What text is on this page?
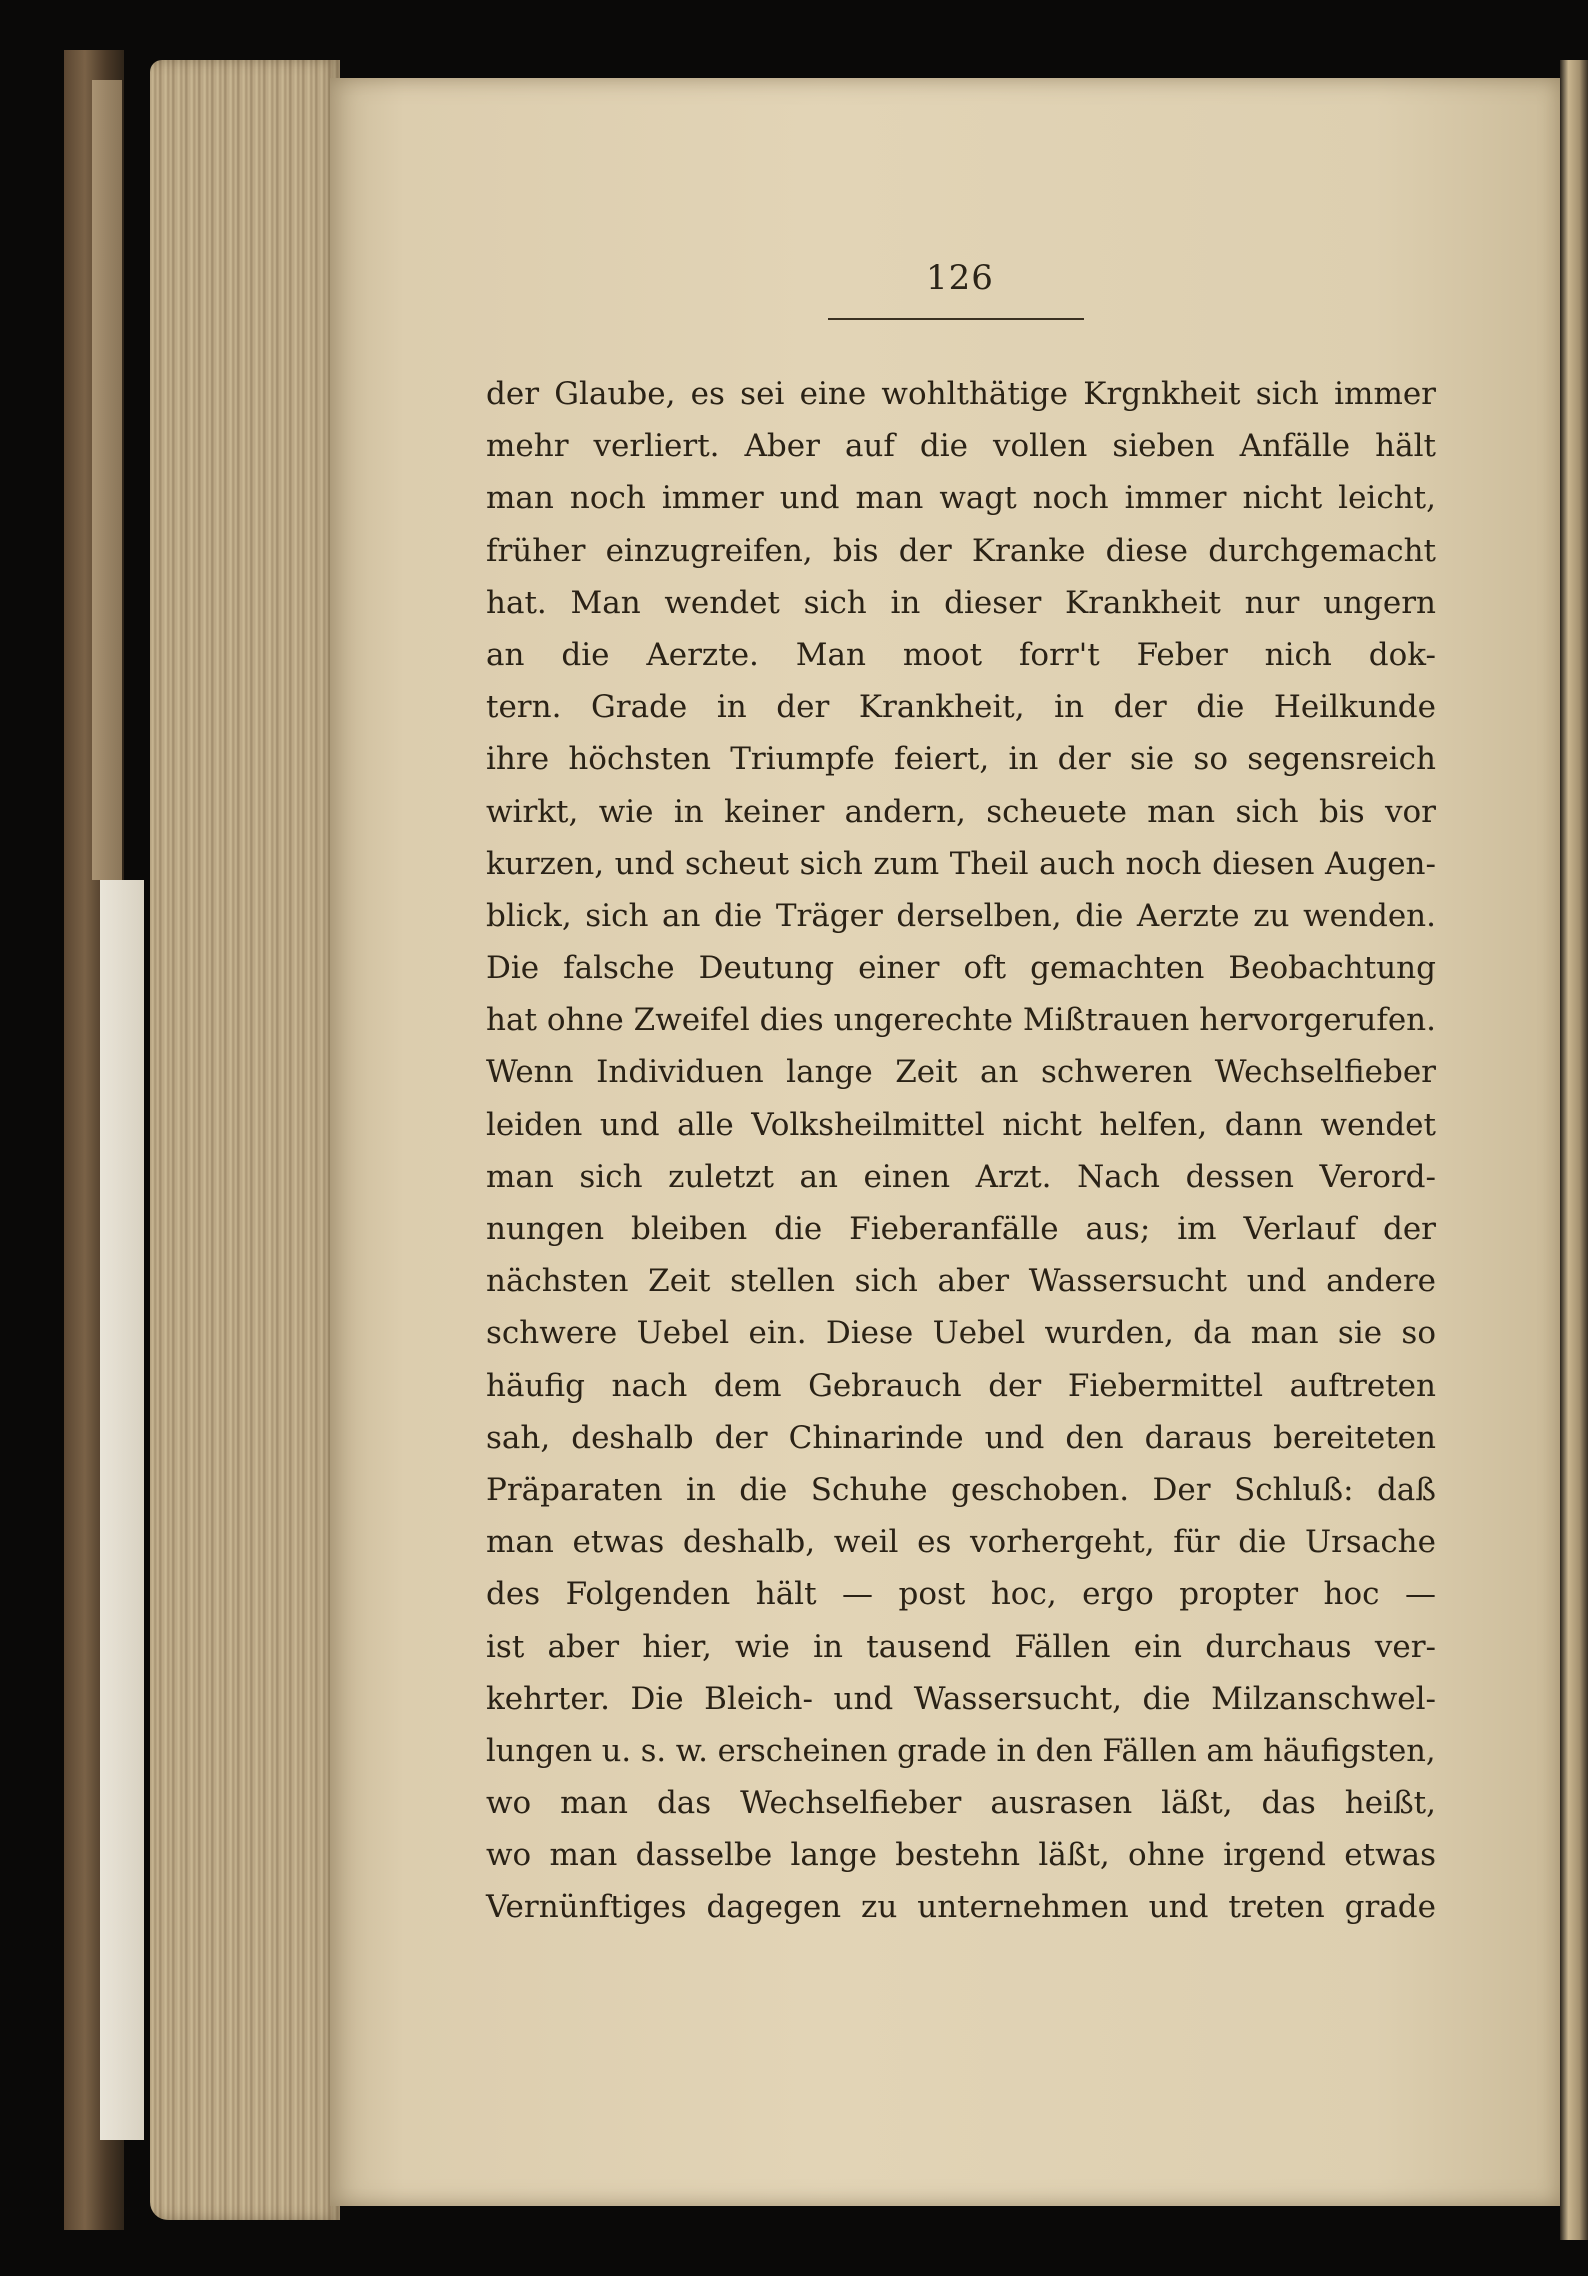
126
der Glaube, es sei eine wohlthätige Krgnkheit sich immer
mehr verliert. Aber auf die vollen sieben Anfälle hält
man noch immer und man wagt noch immer nicht leicht,
früher einzugreifen, bis der Kranke diese durchgemacht
hat. Man wendet sich in dieser Krankheit nur ungern
an die Aerzte. Man moot forr't Feber nich dok-
tern. Grade in der Krankheit, in der die Heilkunde
ihre höchsten Triumpfe feiert, in der sie so segensreich
wirkt, wie in keiner andern, scheuete man sich bis vor
kurzen, und scheut sich zum Theil auch noch diesen Augen-
blick, sich an die Träger derselben, die Aerzte zu wenden.
Die falsche Deutung einer oft gemachten Beobachtung
hat ohne Zweifel dies ungerechte Mißtrauen hervorgerufen.
Wenn Individuen lange Zeit an schweren Wechselfieber
leiden und alle Volksheilmittel nicht helfen, dann wendet
man sich zuletzt an einen Arzt. Nach dessen Verord-
nungen bleiben die Fieberanfälle aus; im Verlauf der
nächsten Zeit stellen sich aber Wassersucht und andere
schwere Uebel ein. Diese Uebel wurden, da man sie so
häufig nach dem Gebrauch der Fiebermittel auftreten
sah, deshalb der Chinarinde und den daraus bereiteten
Präparaten in die Schuhe geschoben. Der Schluß: daß
man etwas deshalb, weil es vorhergeht, für die Ursache
des Folgenden hält — post hoc, ergo propter hoc —
ist aber hier, wie in tausend Fällen ein durchaus ver-
kehrter. Die Bleich- und Wassersucht, die Milzanschwel-
lungen u. s. w. erscheinen grade in den Fällen am häufigsten,
wo man das Wechselfieber ausrasen läßt, das heißt,
wo man dasselbe lange bestehn läßt, ohne irgend etwas
Vernünftiges dagegen zu unternehmen und treten grade
